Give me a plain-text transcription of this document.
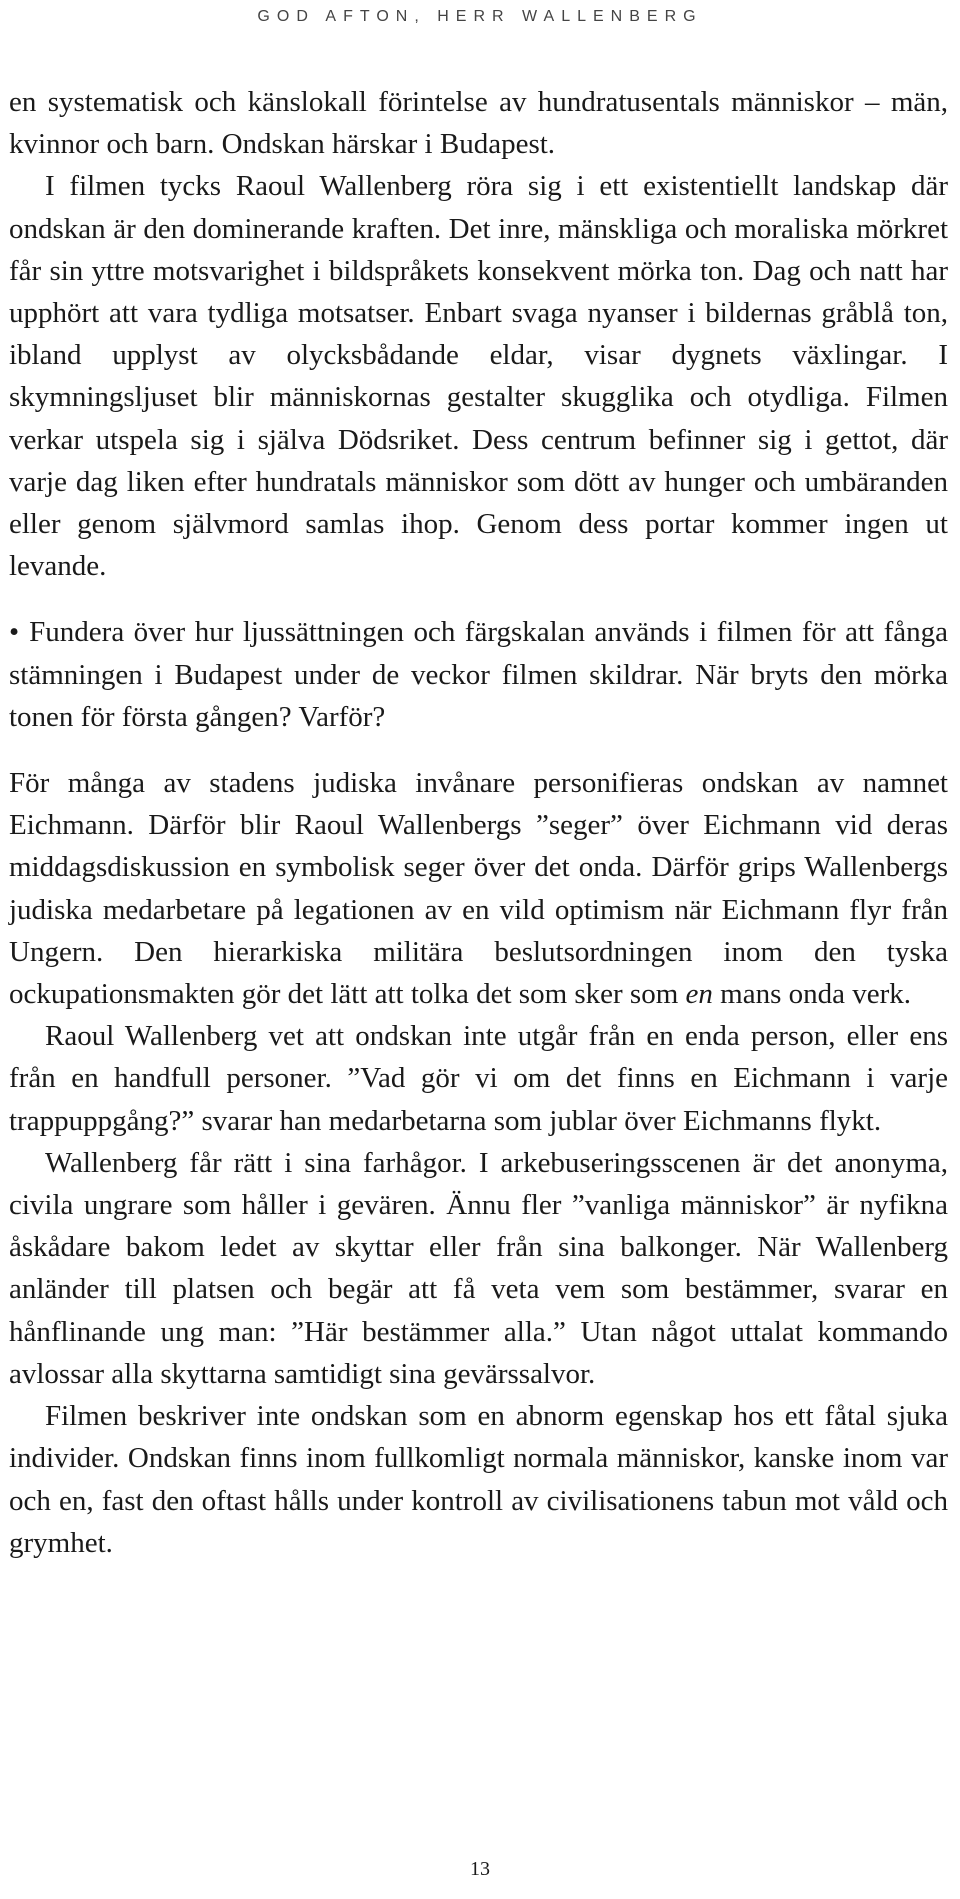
GOD AFTON, HERR WALLENBERG

en systematisk och känslokall förintelse av hundratusentals människor – män, kvinnor och barn. Ondskan härskar i Budapest.

I filmen tycks Raoul Wallenberg röra sig i ett existentiellt landskap där ondskan är den dominerande kraften. Det inre, mänskliga och moraliska mörkret får sin yttre motsvarighet i bildspråkets konsekvent mörka ton. Dag och natt har upphört att vara tydliga motsatser. Enbart svaga nyanser i bildernas gråblå ton, ibland upplyst av olycksbådande eldar, visar dygnets växlingar. I skymningsljuset blir människornas gestalter skugglika och otydliga. Filmen verkar utspela sig i själva Dödsriket. Dess centrum befinner sig i gettot, där varje dag liken efter hundratals människor som dött av hunger och umbäranden eller genom självmord samlas ihop. Genom dess portar kommer ingen ut levande.

• Fundera över hur ljussättningen och färgskalan används i filmen för att fånga stämningen i Budapest under de veckor filmen skildrar. När bryts den mörka tonen för första gången? Varför?

För många av stadens judiska invånare personifieras ondskan av namnet Eichmann. Därför blir Raoul Wallenbergs ”seger” över Eichmann vid deras middagsdiskussion en symbolisk seger över det onda. Därför grips Wallenbergs judiska medarbetare på legationen av en vild optimism när Eichmann flyr från Ungern. Den hierarkiska militära beslutsordningen inom den tyska ockupationsmakten gör det lätt att tolka det som sker som en mans onda verk.

Raoul Wallenberg vet att ondskan inte utgår från en enda person, eller ens från en handfull personer. ”Vad gör vi om det finns en Eichmann i varje trappuppgång?” svarar han medarbetarna som jublar över Eichmanns flykt.

Wallenberg får rätt i sina farhågor. I arkebuseringsscenen är det anonyma, civila ungrare som håller i gevären. Ännu fler ”vanliga människor” är nyfikna åskådare bakom ledet av skyttar eller från sina balkonger. När Wallenberg anländer till platsen och begär att få veta vem som bestämmer, svarar en hånflinande ung man: ”Här bestämmer alla.” Utan något uttalat kommando avlossar alla skyttarna samtidigt sina gevärssalvor.

Filmen beskriver inte ondskan som en abnorm egenskap hos ett fåtal sjuka individer. Ondskan finns inom fullkomligt normala människor, kanske inom var och en, fast den oftast hålls under kontroll av civilisationens tabun mot våld och grymhet.

13
